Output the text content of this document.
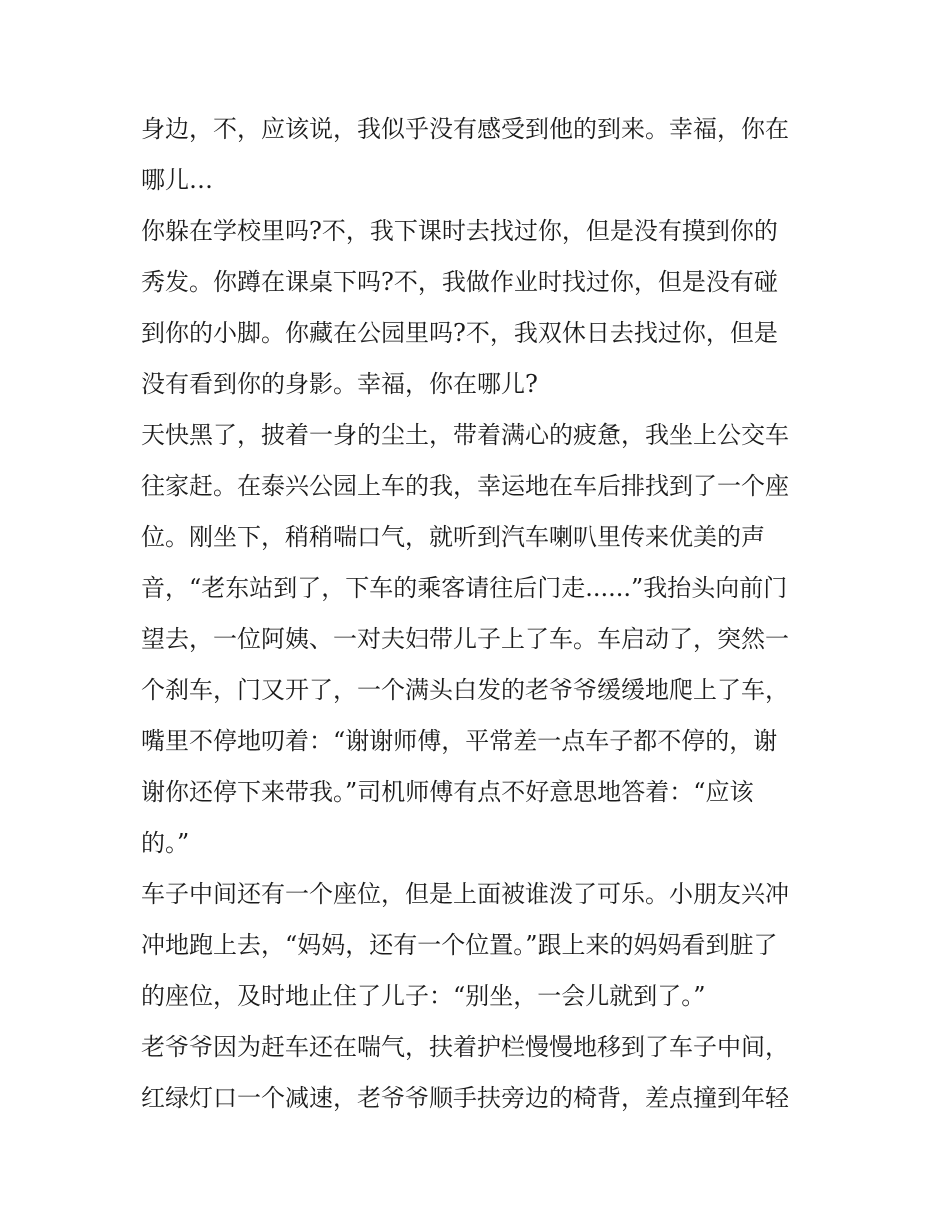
身边，不，应该说，我似乎没有感受到他的到来。幸福，你在
哪儿…
你躲在学校里吗?不，我下课时去找过你，但是没有摸到你的
秀发。你蹲在课桌下吗?不，我做作业时找过你，但是没有碰
到你的小脚。你藏在公园里吗?不，我双休日去找过你，但是
没有看到你的身影。幸福，你在哪儿?
天快黑了，披着一身的尘土，带着满心的疲惫，我坐上公交车
往家赶。在泰兴公园上车的我，幸运地在车后排找到了一个座
位。刚坐下，稍稍喘口气，就听到汽车喇叭里传来优美的声
音，“老东站到了，下车的乘客请往后门走......”我抬头向前门
望去，一位阿姨、一对夫妇带儿子上了车。车启动了，突然一
个刹车，门又开了，一个满头白发的老爷爷缓缓地爬上了车，
嘴里不停地叨着：“谢谢师傅，平常差一点车子都不停的，谢
谢你还停下来带我。”司机师傅有点不好意思地答着：“应该
的。”
车子中间还有一个座位，但是上面被谁泼了可乐。小朋友兴冲
冲地跑上去，“妈妈，还有一个位置。”跟上来的妈妈看到脏了
的座位，及时地止住了儿子：“别坐，一会儿就到了。”
老爷爷因为赶车还在喘气，扶着护栏慢慢地移到了车子中间，
红绿灯口一个减速，老爷爷顺手扶旁边的椅背，差点撞到年轻
